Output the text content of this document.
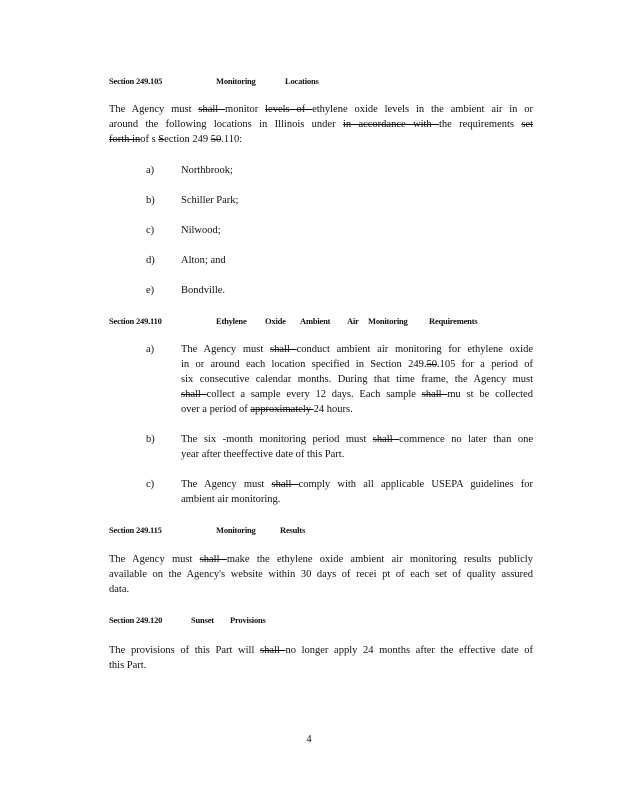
Section 249.105	Monitoring	Locations
The Agency must shall monitor levels of ethylene oxide levels in the ambient air in or
around the following locations in Illinois under in accordance with the requirements set
forth inof s Section 249 50.110:
a)	Northbrook;
b)	Schiller Park;
c)	Nilwood;
d)	Alton; and
e)	Bondville.
Section 249.110	Ethylene Oxide Ambient Air Monitoring	Requirements
a)	The Agency must shall conduct ambient air monitoring for ethylene oxide
in or around each location specified in Section 249.50.105 for a period of
six consecutive calendar months. During that time frame, the Agency must
shall collect a sample every 12 days. Each sample shall mu st be collected
over a period of approximately 24 hours.
b)	The six -month monitoring period must shall commence no later than one
year after theeffective date of this Part.
c)	The Agency must shall comply with all applicable USEPA guidelines for
ambient air monitoring.
Section 249.115	Monitoring	Results
The Agency must shall make the ethylene oxide ambient air monitoring results publicly
available on the Agency's website within 30 days of recei pt of each set of quality assured
data.
Section 249.120	Sunset Provisions
The provisions of this Part will shall no longer apply 24 months after the effective date of
this Part.
4
